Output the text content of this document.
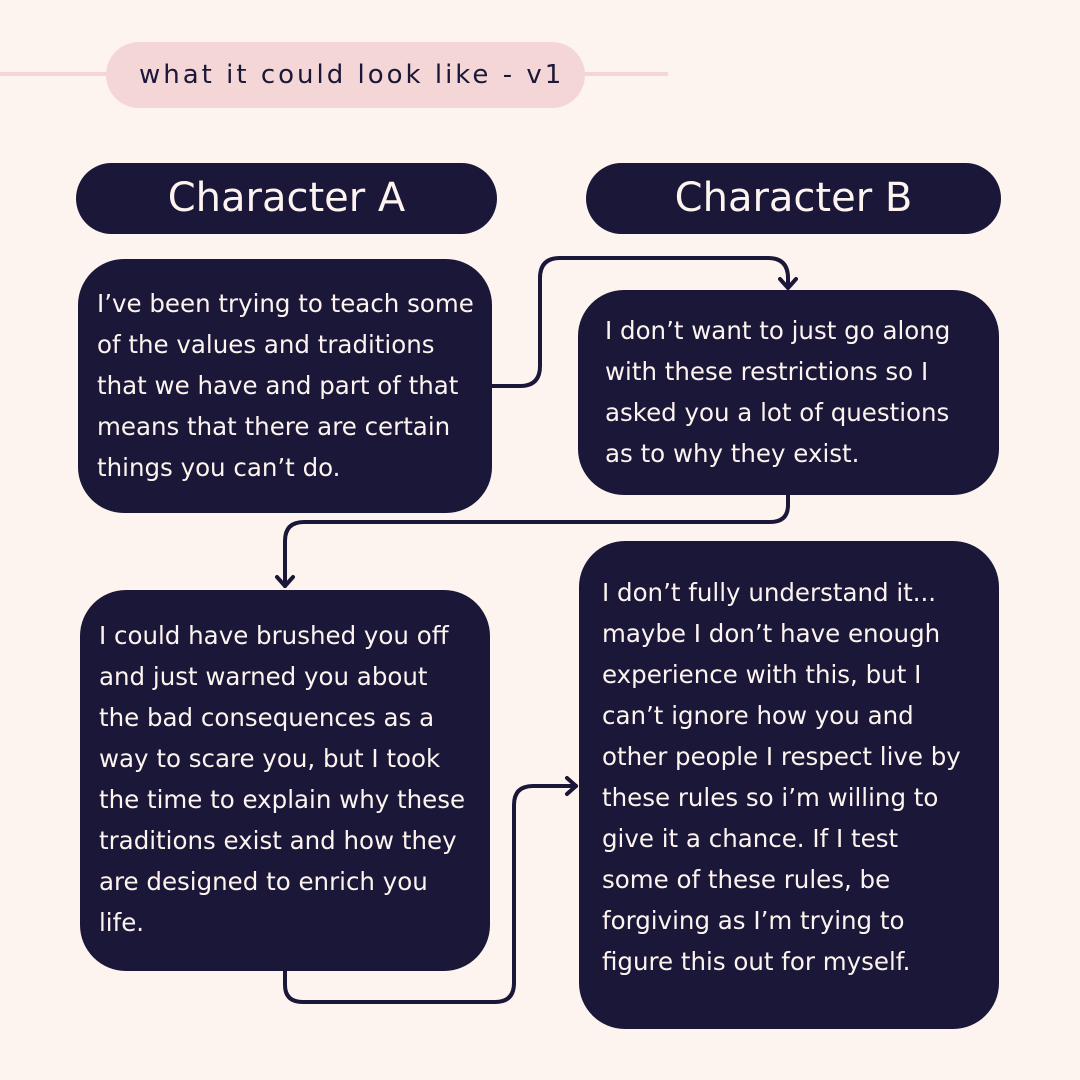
what it could look like - v1
Character A	Character B

I’ve been trying to teach some
of the values and traditions
that we have and part of that
means that there are certain
things you can’t do.

I don’t want to just go along
with these restrictions so I
asked you a lot of questions
as to why they exist.

I could have brushed you off
and just warned you about
the bad consequences as a
way to scare you, but I took
the time to explain why these
traditions exist and how they
are designed to enrich you
life.

I don’t fully understand it...
maybe I don’t have enough
experience with this, but I
can’t ignore how you and
other people I respect live by
these rules so i’m willing to
give it a chance. If I test
some of these rules, be
forgiving as I’m trying to
figure this out for myself.
